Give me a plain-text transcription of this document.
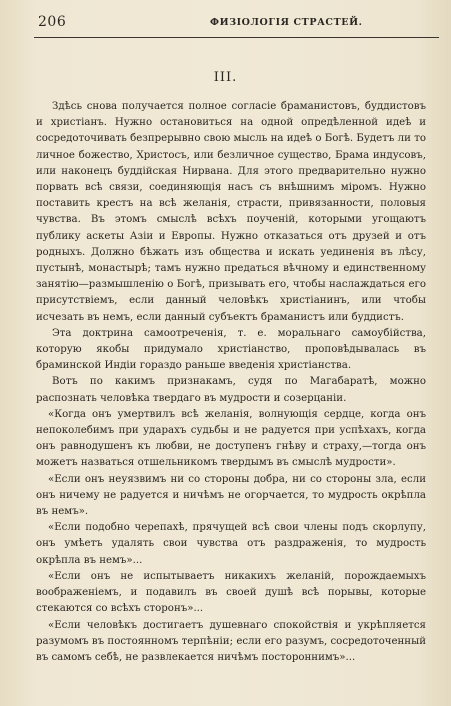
206	ФИЗІОЛОГІЯ СТРАСТЕЙ.
III.

Здѣсь снова получается полное согласіе браманистовъ, буддистовъ и христіанъ. Нужно остановиться на одной опредѣленной идеѣ и сосредоточивать безпрерывно свою мысль на идеѣ о Богѣ. Будетъ ли то личное божество, Христосъ, или безличное существо, Брама индусовъ, или наконецъ буддійская Нирвана. Для этого предварительно нужно порвать всѣ связи, соединяющія насъ съ внѣшнимъ міромъ. Нужно поставить крестъ на всѣ желанія, страсти, привязанности, половыя чувства. Въ этомъ смыслѣ всѣхъ поученій, которыми угощаютъ публику аскеты Азіи и Европы. Нужно отказаться отъ друзей и отъ родныхъ. Должно бѣжать изъ общества и искать уединенія въ лѣсу, пустынѣ, монастырѣ; тамъ нужно предаться вѣчному и единственному занятію—размышленію о Богѣ, призывать его, чтобы наслаждаться его присутствіемъ, если данный человѣкъ христіанинъ, или чтобы исчезать въ немъ, если данный субъектъ браманистъ или буддистъ.

Эта доктрина самоотреченія, т. е. моральнаго самоубійства, которую якобы придумало христіанство, проповѣдывалась въ браминской Индіи гораздо раньше введенія христіанства.

Вотъ по какимъ признакамъ, судя по Магабаратѣ, можно распознать человѣка твердаго въ мудрости и созерцаніи.

«Когда онъ умертвилъ всѣ желанія, волнующія сердце, когда онъ непоколебимъ при ударахъ судьбы и не радуется при успѣхахъ, когда онъ равнодушенъ къ любви, не доступенъ гнѣву и страху,—тогда онъ можетъ назваться отшельникомъ твердымъ въ смыслѣ мудрости».

«Если онъ неуязвимъ ни со стороны добра, ни со стороны зла, если онъ ничему не радуется и ничѣмъ не огорчается, то мудрость окрѣпла въ немъ».

«Если подобно черепахѣ, прячущей всѣ свои члены подъ скорлупу, онъ умѣетъ удалять свои чувства отъ раздраженія, то мудрость окрѣпла въ немъ»...

«Если онъ не испытываетъ никакихъ желаній, порождаемыхъ воображеніемъ, и подавилъ въ своей душѣ всѣ порывы, которые стекаются со всѣхъ сторонъ»...

«Если человѣкъ достигаетъ душевнаго спокойствія и укрѣпляется разумомъ въ постоянномъ терпѣніи; если его разумъ, сосредоточенный въ самомъ себѣ, не развлекается ничѣмъ постороннимъ»...
